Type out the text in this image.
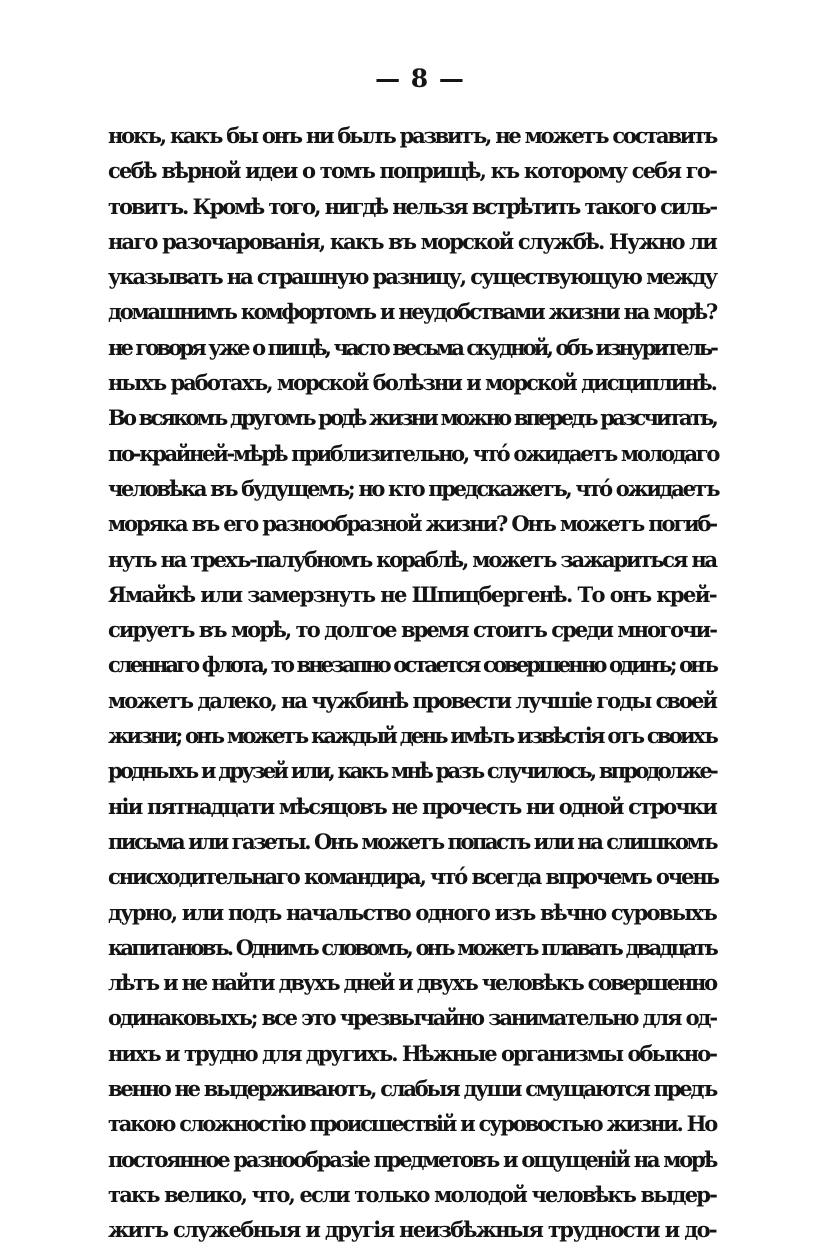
— 8 —
нокъ, какъ бы онъ ни былъ развитъ, не можетъ составить
себѣ вѣрной идеи о томъ поприщѣ, къ которому себя го-
товитъ. Кромѣ того, нигдѣ нельзя встрѣтить такого силь-
наго разочарованія, какъ въ морской службѣ. Нужно ли
указывать на страшную разницу, существующую между
домашнимъ комфортомъ и неудобствами жизни на морѣ?
не говоря уже о пищѣ, часто весьма скудной, объ изнуритель-
ныхъ работахъ, морской болѣзни и морской дисциплинѣ.
Во всякомъ другомъ родѣ жизни можно впередъ разсчитать,
по-крайней-мѣрѣ приблизительно, что́ ожидаетъ молодаго
человѣка въ будущемъ; но кто предскажетъ, что́ ожидаетъ
моряка въ его разнообразной жизни? Онъ можетъ погиб-
нуть на трехъ-палубномъ кораблѣ, можетъ зажариться на
Ямайкѣ или замерзнуть не Шпицбергенѣ. То онъ крей-
сируетъ въ морѣ, то долгое время стоитъ среди многочи-
сленнаго флота, то внезапно остается совершенно одинъ; онъ
можетъ далеко, на чужбинѣ провести лучшіе годы своей
жизни; онъ можетъ каждый день имѣть извѣстія отъ своихъ
родныхъ и друзей или, какъ мнѣ разъ случилось, впродолже-
ніи пятнадцати мѣсяцовъ не прочесть ни одной строчки
письма или газеты. Онъ можетъ попасть или на слишкомъ
снисходительнаго командира, что́ всегда впрочемъ очень
дурно, или подъ начальство одного изъ вѣчно суровыхъ
капитановъ. Однимъ словомъ, онъ можетъ плавать двадцать
лѣтъ и не найти двухъ дней и двухъ человѣкъ совершенно
одинаковыхъ; все это чрезвычайно занимательно для од-
нихъ и трудно для другихъ. Нѣжные организмы обыкно-
венно не выдерживаютъ, слабыя души смущаются предъ
такою сложностію происшествій и суровостью жизни. Но
постоянное разнообразіе предметовъ и ощущеній на морѣ
такъ велико, что, если только молодой человѣкъ выдер-
житъ служебныя и другія неизбѣжныя трудности и до-
